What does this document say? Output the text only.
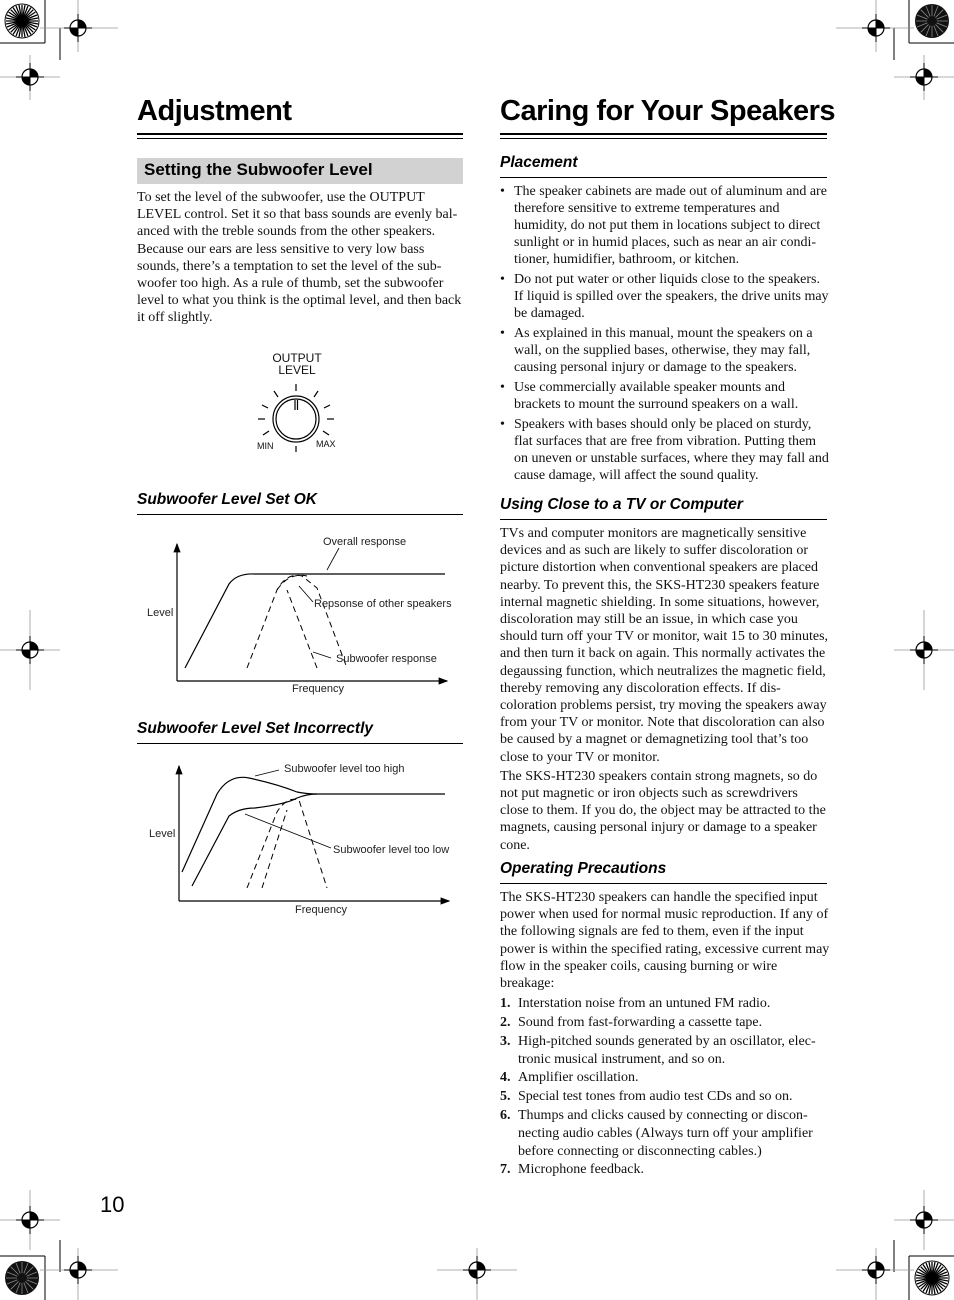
Adjustment
Setting the Subwoofer Level

To set the level of the subwoofer, use the OUTPUT LEVEL control. Set it so that bass sounds are evenly bal- anced with the treble sounds from the other speakers. Because our ears are less sensitive to very low bass sounds, there’s a temptation to set the level of the sub- woofer too high. As a rule of thumb, set the subwoofer level to what you think is the optimal level, and then back it off slightly.

OUTPUT
LEVEL
MIN	MAX
Subwoofer Level Set OK
Overall response
Repsonse of other speakers
Subwoofer response
Level
Frequency
Subwoofer Level Set Incorrectly
Subwoofer level too high
Subwoofer level too low
Level
Frequency
Caring for Your Speakers
Placement
• The speaker cabinets are made out of aluminum and are therefore sensitive to extreme temperatures and humidity, do not put them in locations subject to direct sunlight or in humid places, such as near an air condi- tioner, humidifier, bathroom, or kitchen.
• Do not put water or other liquids close to the speakers. If liquid is spilled over the speakers, the drive units may be damaged.
• As explained in this manual, mount the speakers on a wall, on the supplied bases, otherwise, they may fall, causing personal injury or damage to the speakers.
• Use commercially available speaker mounts and brackets to mount the surround speakers on a wall.
• Speakers with bases should only be placed on sturdy, flat surfaces that are free from vibration. Putting them on uneven or unstable surfaces, where they may fall and cause damage, will affect the sound quality.
Using Close to a TV or Computer

TVs and computer monitors are magnetically sensitive devices and as such are likely to suffer discoloration or picture distortion when conventional speakers are placed nearby. To prevent this, the SKS-HT230 speakers feature internal magnetic shielding. In some situations, however, discoloration may still be an issue, in which case you should turn off your TV or monitor, wait 15 to 30 minutes, and then turn it back on again. This normally activates the degaussing function, which neutralizes the magnetic field, thereby removing any discoloration effects. If dis- coloration problems persist, try moving the speakers away from your TV or monitor. Note that discoloration can also be caused by a magnet or demagnetizing tool that’s too close to your TV or monitor.

The SKS-HT230 speakers contain strong magnets, so do not put magnetic or iron objects such as screwdrivers close to them. If you do, the object may be attracted to the magnets, causing personal injury or damage to a speaker cone.

Operating Precautions

The SKS-HT230 speakers can handle the specified input power when used for normal music reproduction. If any of the following signals are fed to them, even if the input power is within the specified rating, excessive current may flow in the speaker coils, causing burning or wire breakage:

1. Interstation noise from an untuned FM radio.
2. Sound from fast-forwarding a cassette tape.
3. High-pitched sounds generated by an oscillator, elec- tronic musical instrument, and so on.
4. Amplifier oscillation.
5. Special test tones from audio test CDs and so on.
6. Thumps and clicks caused by connecting or discon- necting audio cables (Always turn off your amplifier before connecting or disconnecting cables.)
7. Microphone feedback.
10
